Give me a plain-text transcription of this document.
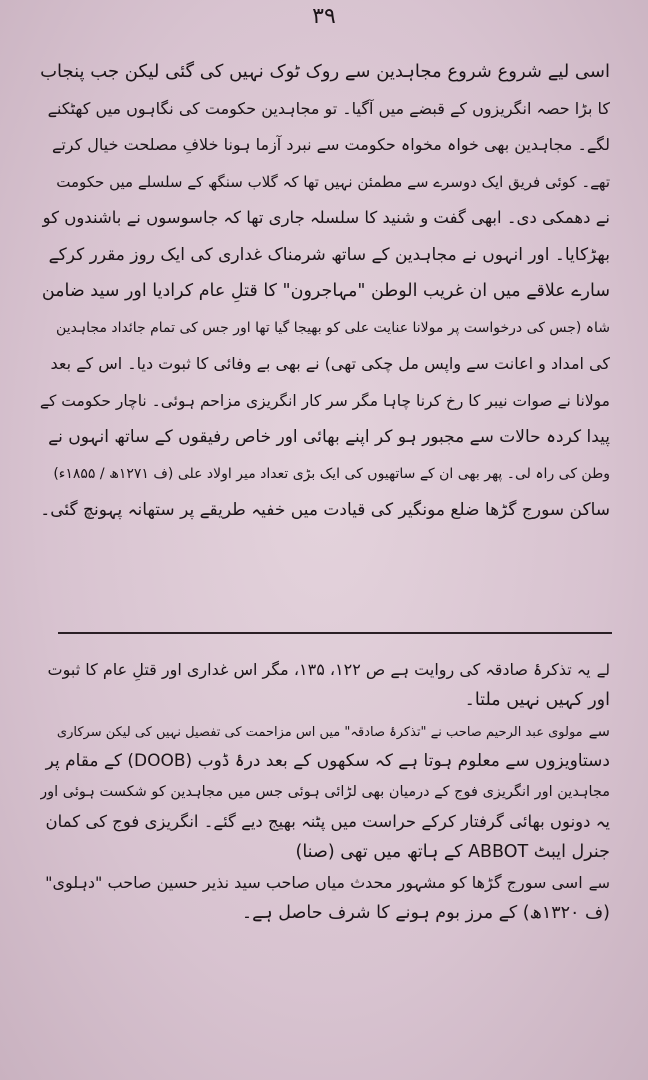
۳۹
اسی لیے شروع شروع مجاہدین سے روک ٹوک نہیں کی گئی لیکن جب پنجاب
کا بڑا حصہ انگریزوں کے قبضے میں آگیا۔ تو مجاہدین حکومت کی نگاہوں میں کھٹکنے
لگے۔ مجاہدین بھی خواہ مخواہ حکومت سے نبرد آزما ہونا خلافِ مصلحت خیال کرتے
تھے۔ کوئی فریق ایک دوسرے سے مطمئن نہیں تھا کہ گلاب سنگھ کے سلسلے میں حکومت
نے دھمکی دی۔ ابھی گفت و شنید کا سلسلہ جاری تھا کہ جاسوسوں نے باشندوں کو
بھڑکایا۔ اور انہوں نے مجاہدین کے ساتھ شرمناک غداری کی ایک روز مقرر کرکے
سارے علاقے میں ان غریب الوطن "مہاجرون" کا قتلِ عام کرادیا اور سید ضامن
شاہ (جس کی درخواست پر مولانا عنایت علی کو بھیجا گیا تھا اور جس کی تمام جائداد مجاہدین
کی امداد و اعانت سے واپس مل چکی تھی) نے بھی بے وفائی کا ثبوت دیا۔ اس کے بعد
مولانا نے صوات نیبر کا رخ کرنا چاہا مگر سر کار انگریزی مزاحم ہوئی۔ ناچار حکومت کے
پیدا کردہ حالات سے مجبور ہو کر اپنے بھائی اور خاص رفیقوں کے ساتھ انہوں نے
وطن کی راہ لی۔ پھر بھی ان کے ساتھیوں کی ایک بڑی تعداد میر اولاد علی (ف ۱۲۷۱ھ / ۱۸۵۵ء)
ساکن سورج گڑھا ضلع مونگیر کی قیادت میں خفیہ طریقے پر ستھانہ پہونچ گئی۔
لےیہ تذکرۂ صادقہ کی روایت ہے ص ۱۲۲، ۱۳۵، مگر اس غداری اور قتلِ عام کا ثبوت
اور کہیں نہیں ملتا۔
سےمولوی عبد الرحیم صاحب نے "تذکرۂ صادقہ" میں اس مزاحمت کی تفصیل نہیں کی لیکن سرکاری
دستاویزوں سے معلوم ہوتا ہے کہ سکھوں کے بعد درۂ ڈوب (DOOB) کے مقام پر
مجاہدین اور انگریزی فوج کے درمیان بھی لڑائی ہوئی جس میں مجاہدین کو شکست ہوئی اور
یہ دونوں بھائی گرفتار کرکے حراست میں پٹنہ بھیج دیے گئے۔ انگریزی فوج کی کمان
جنرل ایبٹ ABBOT کے ہاتھ میں تھی (صنا)
سےاسی سورج گڑھا کو مشہور محدث میاں صاحب سید نذیر حسین صاحب "دہلوی"
(ف ۱۳۲۰ھ) کے مرز بوم ہونے کا شرف حاصل ہے۔
